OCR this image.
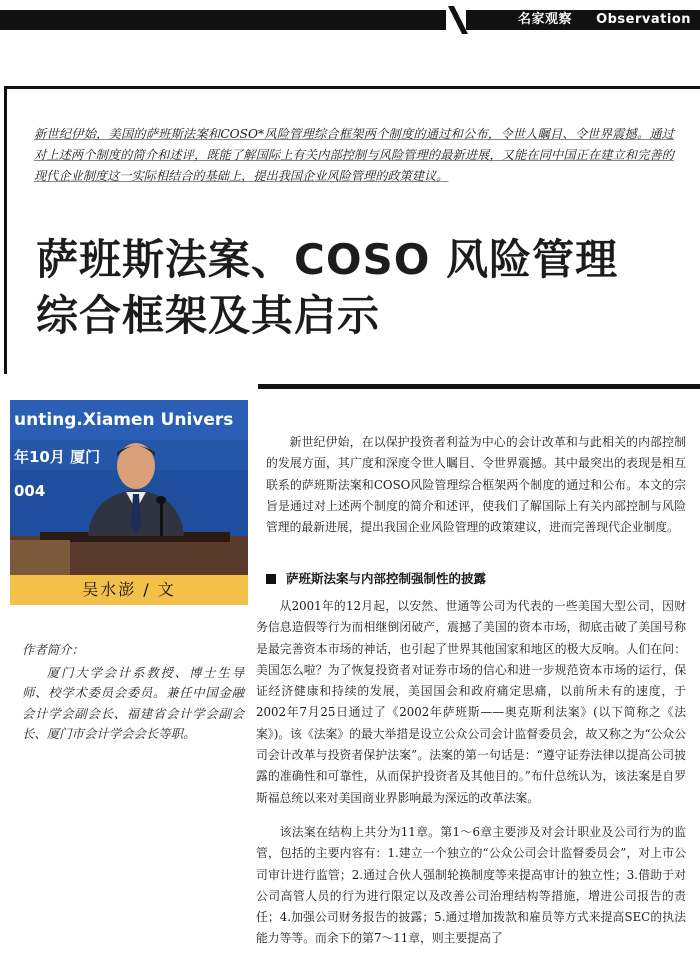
名家观察 Observation
新世纪伊始，美国的萨班斯法案和COSO*风险管理综合框架两个制度的通过和公布，令世人瞩目、令世界震撼。通过对上述两个制度的简介和述评，既能了解国际上有关内部控制与风险管理的最新进展，又能在同中国正在建立和完善的现代企业制度这一实际相结合的基础上，提出我国企业风险管理的政策建议。
萨班斯法案、COSO 风险管理
综合框架及其启示
unting.Xiamen Univers
年10月 厦门
004
吴水澎 / 文
作者简介：
厦门大学会计系教授、博士生导师、校学术委员会委员。兼任中国金融会计学会副会长、福建省会计学会副会长、厦门市会计学会会长等职。
新世纪伊始，在以保护投资者利益为中心的会计改革和与此相关的内部控制的发展方面，其广度和深度令世人瞩目、令世界震撼。其中最突出的表现是相互联系的萨班斯法案和COSO风险管理综合框架两个制度的通过和公布。本文的宗旨是通过对上述两个制度的简介和述评，使我们了解国际上有关内部控制与风险管理的最新进展，提出我国企业风险管理的政策建议，进而完善现代企业制度。
萨班斯法案与内部控制强制性的披露
从2001年的12月起，以安然、世通等公司为代表的一些美国大型公司，因财务信息造假等行为而相继倒闭破产，震撼了美国的资本市场，彻底击破了美国号称是最完善资本市场的神话，也引起了世界其他国家和地区的极大反响。人们在问：美国怎么啦？为了恢复投资者对证券市场的信心和进一步规范资本市场的运行，保证经济健康和持续的发展，美国国会和政府痛定思痛，以前所未有的速度，于2002年7月25日通过了《2002年萨班斯——奥克斯利法案》(以下简称之《法案》)。该《法案》的最大举措是设立公众公司会计监督委员会，故又称之为“公众公司会计改革与投资者保护法案”。法案的第一句话是：“遵守证券法律以提高公司披露的准确性和可靠性，从而保护投资者及其他目的。”布什总统认为，该法案是自罗斯福总统以来对美国商业界影响最为深远的改革法案。
该法案在结构上共分为11章。第1～6章主要涉及对会计职业及公司行为的监管，包括的主要内容有：1.建立一个独立的“公众公司会计监督委员会”，对上市公司审计进行监管；2.通过合伙人强制轮换制度等来提高审计的独立性；3.借助于对公司高管人员的行为进行限定以及改善公司治理结构等措施，增进公司报告的责任；4.加强公司财务报告的披露；5.通过增加拨款和雇员等方式来提高SEC的执法能力等等。而余下的第7～11章，则主要提高了
